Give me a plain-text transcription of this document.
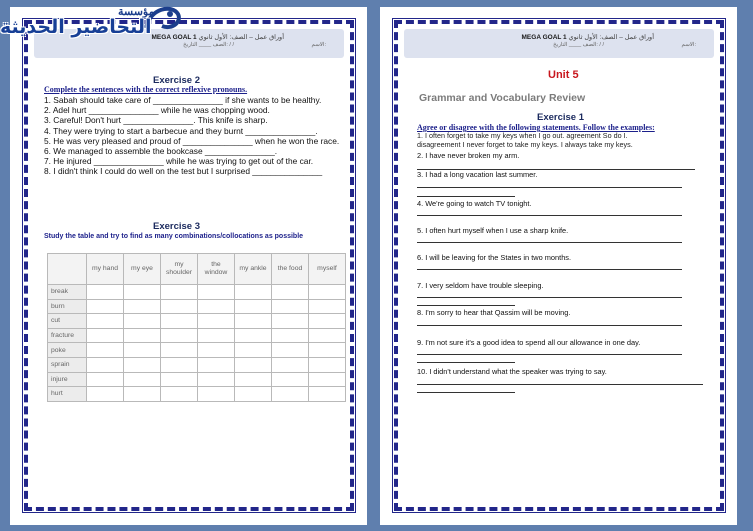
MEGA GOAL 1 أوراق عمل – الصف: الأول ثانوي
الصف ____ التاريخ: / /	الاسم:
Exercise 2
Complete the sentences with the correct reflexive pronouns.
1. Sabah should take care of _______________ if she wants to be healthy.
2. Adel hurt _______________ while he was chopping wood.
3. Careful! Don't hurt _______________. This knife is sharp.
4. They were trying to start a barbecue and they burnt _______________.
5. He was very pleased and proud of _______________ when he won the race.
6. We managed to assemble the bookcase _______________.
7. He injured _______________ while he was trying to get out of the car.
8. I didn't think I could do well on the test but I surprised _______________
Exercise 3
Study the table and try to find as many combinations/collocations as possible
	my hand	my eye	my shoulder	the window	my ankle	the food	myself
break							
burn							
cut							
fracture							
poke							
sprain							
injure							
hurt							
MEGA GOAL 1 أوراق عمل – الصف: الأول ثانوي
الصف ____ التاريخ: / /	الاسم:
Unit 5
Grammar and Vocabulary Review
Exercise 1
Agree or disagree with the following statements. Follow the examples:
1. I often forget to take my keys when I go out. agreement So do I.
disagreement I never forget to take my keys. I always take my keys.
2. I have never broken my arm.
3. I had a long vacation last summer.
4. We're going to watch TV tonight.
5. I often hurt myself when I use a sharp knife.
6. I will be leaving for the States in two months.
7. I very seldom have trouble sleeping.
8. I'm sorry to hear that Qassim will be moving.
9. I'm not sure it's a good idea to spend all our allowance in one day.
10. I didn't understand what the speaker was trying to say.
مؤسسة
التحاضير الحديثة
